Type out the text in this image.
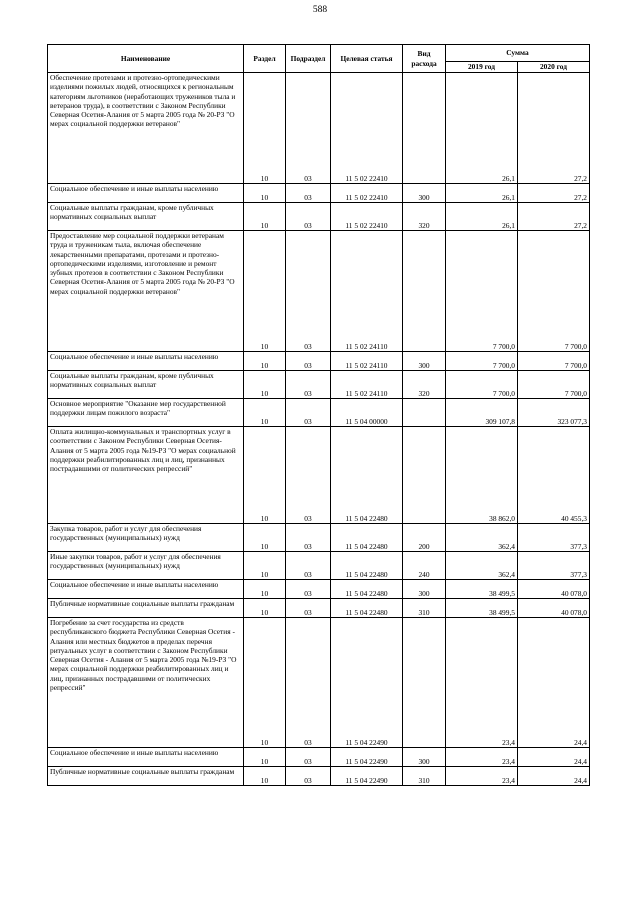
588
Наименование	Раздел	Подраздел	Целевая статья	Вид расхода	Сумма	
					2019 год	2020 год
Обеспечение протезами и протезно-ортопедическими изделиями пожилых людей, относящихся к региональным категориям льготников (неработающих тружеников тыла и ветеранов труда), в соответствии с Законом Республики Северная Осетия-Алания от 5 марта 2005 года № 20-РЗ "О мерах социальной поддержки ветеранов"	10	03	11 5 02 22410		26,1	27,2
Социальное обеспечение и иные выплаты населению	10	03	11 5 02 22410	300	26,1	27,2
Социальные выплаты гражданам, кроме публичных нормативных социальных выплат	10	03	11 5 02 22410	320	26,1	27,2
Предоставление мер социальной поддержки ветеранам труда и труженикам тыла, включая обеспечение лекарственными препаратами, протезами и протезно-ортопедическими изделиями, изготовление и ремонт зубных протезов в соответствии с Законом Республики Северная Осетия-Алания от 5 марта 2005 года № 20-РЗ "О мерах социальной поддержки ветеранов"	10	03	11 5 02 24110		7 700,0	7 700,0
Социальное обеспечение и иные выплаты населению	10	03	11 5 02 24110	300	7 700,0	7 700,0
Социальные выплаты гражданам, кроме публичных нормативных социальных выплат	10	03	11 5 02 24110	320	7 700,0	7 700,0
Основное мероприятие "Оказание мер государственной поддержки лицам пожилого возраста"	10	03	11 5 04 00000		309 107,8	323 077,3
Оплата жилищно-коммунальных и транспортных услуг в соответствии с Законом Республики Северная Осетия-Алания от 5 марта 2005 года №19-РЗ "О мерах социальной поддержки реабилитированных лиц и лиц, признанных пострадавшими от политических репрессий"	10	03	11 5 04 22480		38 862,0	40 455,3
Закупка товаров, работ и услуг для обеспечения государственных (муниципальных) нужд	10	03	11 5 04 22480	200	362,4	377,3
Иные закупки товаров, работ и услуг для обеспечения государственных (муниципальных) нужд	10	03	11 5 04 22480	240	362,4	377,3
Социальное обеспечение и иные выплаты населению	10	03	11 5 04 22480	300	38 499,5	40 078,0
Публичные нормативные социальные выплаты гражданам	10	03	11 5 04 22480	310	38 499,5	40 078,0
Погребение за счет государства из средств республиканского бюджета Республики Северная Осетия - Алания или местных бюджетов в пределах перечня ритуальных услуг в соответствии с Законом Республики Северная Осетия - Алания от 5 марта 2005 года №19-РЗ "О мерах социальной поддержки реабилитированных лиц и лиц, признанных пострадавшими от политических репрессий"	10	03	11 5 04 22490		23,4	24,4
Социальное обеспечение и иные выплаты населению	10	03	11 5 04 22490	300	23,4	24,4
Публичные нормативные социальные выплаты гражданам	10	03	11 5 04 22490	310	23,4	24,4
